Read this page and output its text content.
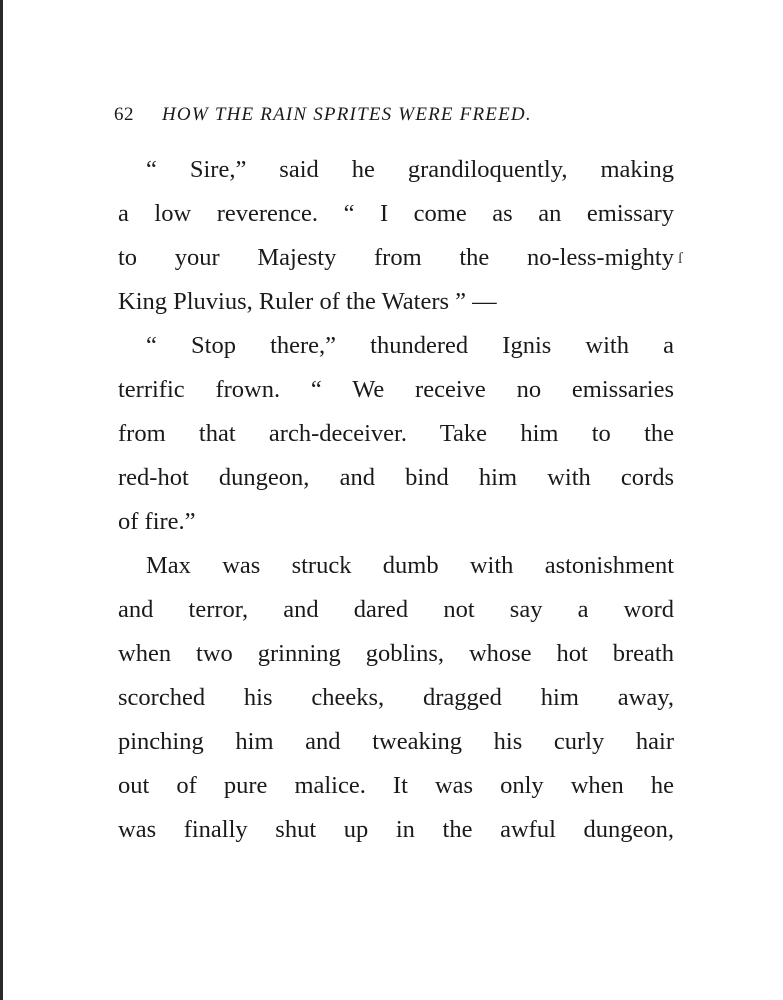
62 HOW THE RAIN SPRITES WERE FREED.
ſ
“ Sire,” said he grandiloquently, making
a low reverence. “ I come as an emissary
to your Majesty from the no-less-mighty
King Pluvius, Ruler of the Waters ” —
“ Stop there,” thundered Ignis with a
terrific frown. “ We receive no emissaries
from that arch-deceiver. Take him to the
red-hot dungeon, and bind him with cords
of fire.”
Max was struck dumb with astonishment
and terror, and dared not say a word
when two grinning goblins, whose hot breath
scorched his cheeks, dragged him away,
pinching him and tweaking his curly hair
out of pure malice. It was only when he
was finally shut up in the awful dungeon,
